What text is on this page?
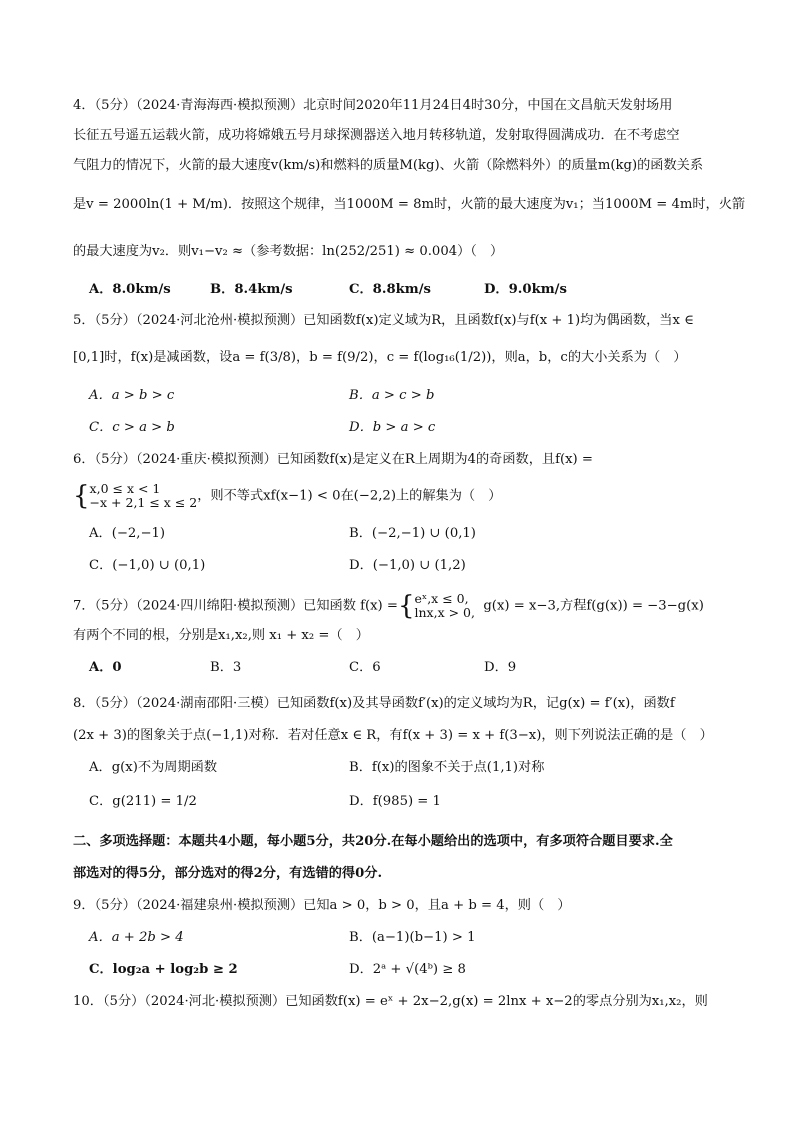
4．（5分）（2024·青海海西·模拟预测）北京时间2020年11月24日4时30分，中国在文昌航天发射场用
长征五号遥五运载火箭，成功将嫦娥五号月球探测器送入地月转移轨道，发射取得圆满成功．在不考虑空
气阻力的情况下，火箭的最大速度v(km/s)和燃料的质量M(kg)、火箭（除燃料外）的质量m(kg)的函数关系
是v = 2000ln(1 + M/m)．按照这个规律，当1000M = 8m时，火箭的最大速度为v₁；当1000M = 4m时，火箭
的最大速度为v₂．则v₁−v₂ ≈（参考数据：ln(252/251) ≈ 0.004）（　）
A．8.0km/s	B．8.4km/s	C．8.8km/s	D．9.0km/s
5．（5分）（2024·河北沧州·模拟预测）已知函数f(x)定义域为R，且函数f(x)与f(x + 1)均为偶函数，当x ∈
[0,1]时，f(x)是减函数，设a = f(3/8)，b = f(9/2)，c = f(log₁₆(1/2))，则a，b，c的大小关系为（　）
A．a > b > c	B．a > c > b
C．c > a > b	D．b > a > c
6．（5分）（2024·重庆·模拟预测）已知函数f(x)是定义在R上周期为4的奇函数，且f(x) =
{x,0 ≤ x < 1
−x + 2,1 ≤ x ≤ 2，则不等式xf(x−1) < 0在(−2,2)上的解集为（　）
A．(−2,−1)	B．(−2,−1) ∪ (0,1)
C．(−1,0) ∪ (0,1)	D．(−1,0) ∪ (1,2)
7．（5分）（2024·四川绵阳·模拟预测）已知函数 f(x) ={eˣ,x ≤ 0,
lnx,x > 0, g(x) = x−3,方程f(g(x)) = −3−g(x)
有两个不同的根，分别是x₁,x₂,则 x₁ + x₂ =（　）
A．0	B．3	C．6	D．9
8．（5分）（2024·湖南邵阳·三模）已知函数f(x)及其导函数f′(x)的定义域均为R，记g(x) = f′(x)，函数f
(2x + 3)的图象关于点(−1,1)对称．若对任意x ∈ R，有f(x + 3) = x + f(3−x)，则下列说法正确的是（　）
A．g(x)不为周期函数	B．f(x)的图象不关于点(1,1)对称
C．g(211) = 1/2	D．f(985) = 1
二、多项选择题：本题共4小题，每小题5分，共20分.在每小题给出的选项中，有多项符合题目要求.全
部选对的得5分，部分选对的得2分，有选错的得0分.
9．（5分）（2024·福建泉州·模拟预测）已知a > 0，b > 0，且a + b = 4，则（　）
A．a + 2b > 4	B．(a−1)(b−1) > 1
C．log₂a + log₂b ≥ 2	D．2ᵃ + √(4ᵇ) ≥ 8
10．（5分）（2024·河北·模拟预测）已知函数f(x) = eˣ + 2x−2,g(x) = 2lnx + x−2的零点分别为x₁,x₂，则
